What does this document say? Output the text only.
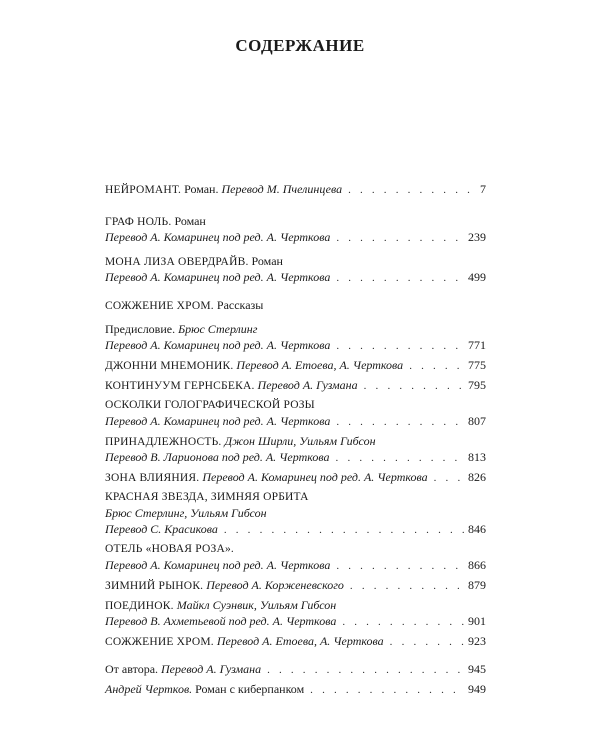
СОДЕРЖАНИЕ
НЕЙРОМАНТ.
Роман.
Перевод М. Пчелинцева . . .	7
ГРАФ НОЛЬ.
Роман
Перевод А. Комаринец под ред. А. Черткова . . .	239
МОНА ЛИЗА ОВЕРДРАЙВ.
Роман
Перевод А. Комаринец под ред. А. Черткова . . .	499
СОЖЖЕНИЕ ХРОМ.
Рассказы
Предисловие.
Брюс Стерлинг
Перевод А. Комаринец под ред. А. Черткова . . .	771
ДЖОННИ МНЕМОНИК.
Перевод А. Етоева, А. Черткова . . .	775
КОНТИНУУМ ГЕРНСБЕКА.
Перевод А. Гузмана . . .	795
ОСКОЛКИ ГОЛОГРАФИЧЕСКОЙ РОЗЫ
Перевод А. Комаринец под ред. А. Черткова . . .	807
ПРИНАДЛЕЖНОСТЬ.
Джон Ширли, Уильям Гибсон
Перевод В. Ларионова под ред. А. Черткова . . .	813
ЗОНА ВЛИЯНИЯ.
Перевод А. Комаринец под ред. А. Черткова . . .	826
КРАСНАЯ ЗВЕЗДА, ЗИМНЯЯ ОРБИТА
Брюс Стерлинг, Уильям Гибсон
Перевод С. Красикова . . .	846
ОТЕЛЬ «НОВАЯ РОЗА».
Перевод А. Комаринец под ред. А. Черткова . . .	866
ЗИМНИЙ РЫНОК.
Перевод А. Корженевского . . .	879
ПОЕДИНОК.
Майкл Суэнвик, Уильям Гибсон
Перевод В. Ахметьевой под ред. А. Черткова . . .	901
СОЖЖЕНИЕ ХРОМ.
Перевод А. Етоева, А. Черткова . . .	923
От автора.
Перевод А. Гузмана . . .	945
Андрей Чертков.
Роман с киберпанком . . .	949
